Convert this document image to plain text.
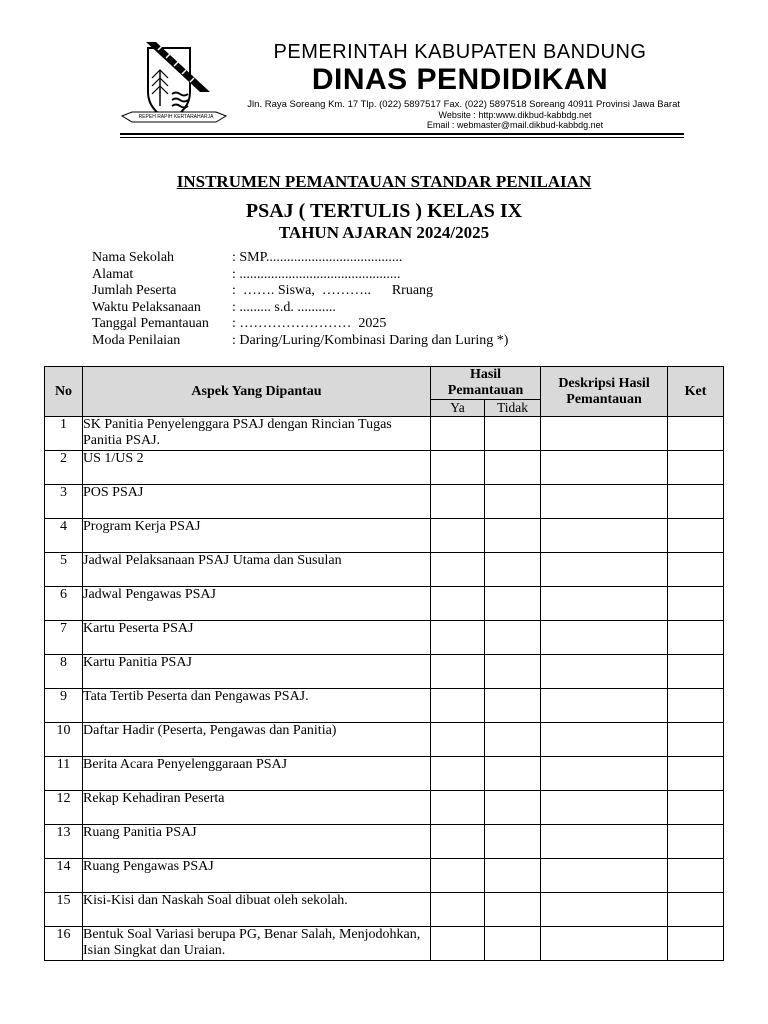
REPEH RAPIH KERTARAHARJA
PEMERINTAH KABUPATEN BANDUNG
DINAS PENDIDIKAN
Jln. Raya Soreang Km. 17 Tlp. (022) 5897517 Fax. (022) 5897518 Soreang 40911 Provinsi Jawa Barat
Website : http:www.dikbud-kabbdg.net
Email : webmaster@mail.dikbud-kabbdg.net
INSTRUMEN PEMANTAUAN STANDAR PENILAIAN
PSAJ ( TERTULIS ) KELAS IX
TAHUN AJARAN 2024/2025
Nama Sekolah	: SMP.......................................
Alamat	: ..............................................
Jumlah Peserta	:  ……. Siswa,  ………..      Rruang
Waktu Pelaksanaan	: ......... s.d. ...........
Tanggal Pemantauan	: ……………………  2025
Moda Penilaian	: Daring/Luring/Kombinasi Daring dan Luring *)
No	Aspek Yang Dipantau	Hasil Pemantauan		Deskripsi Hasil Pemantauan	Ket
		Ya	Tidak		
1	SK Panitia Penyelenggara PSAJ dengan Rincian Tugas Panitia PSAJ.				
2	US 1/US 2				
3	POS PSAJ				
4	Program Kerja PSAJ				
5	Jadwal Pelaksanaan PSAJ Utama dan Susulan				
6	Jadwal Pengawas PSAJ				
7	Kartu Peserta PSAJ				
8	Kartu Panitia PSAJ				
9	Tata Tertib Peserta dan Pengawas PSAJ.				
10	Daftar Hadir (Peserta, Pengawas dan Panitia)				
11	Berita Acara Penyelenggaraan PSAJ				
12	Rekap Kehadiran Peserta				
13	Ruang Panitia PSAJ				
14	Ruang Pengawas PSAJ				
15	Kisi-Kisi dan Naskah Soal dibuat oleh sekolah.				
16	Bentuk Soal Variasi berupa PG, Benar Salah, Menjodohkan, Isian Singkat dan Uraian.				
